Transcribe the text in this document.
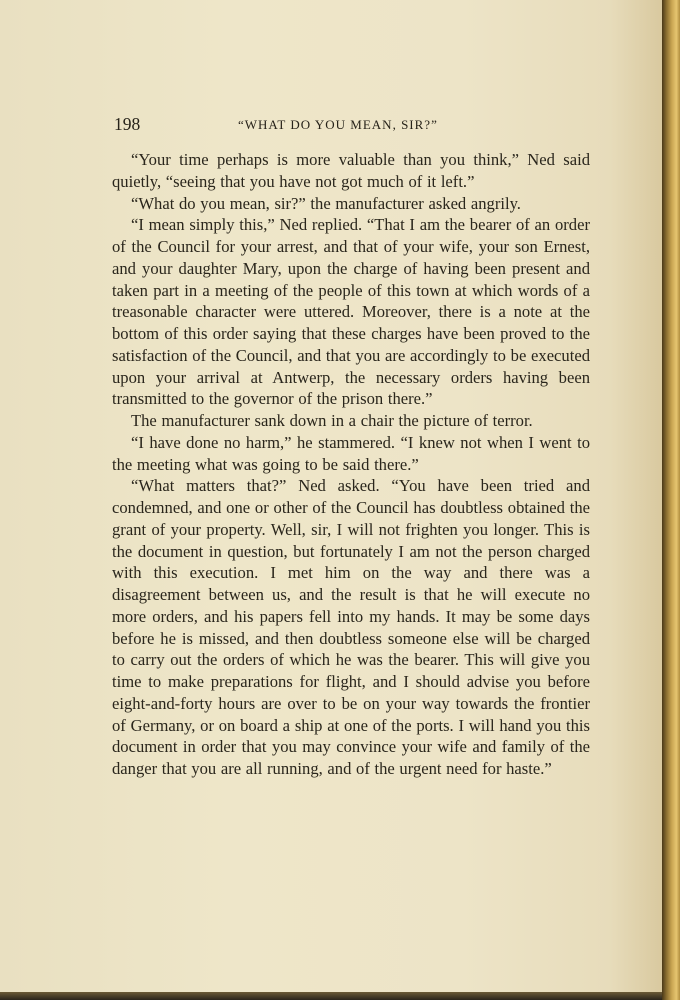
198	“WHAT DO YOU MEAN, SIR?”

“Your time perhaps is more valuable than you think,” Ned said quietly, “seeing that you have not got much of it left.”

“What do you mean, sir?” the manufacturer asked angrily.

“I mean simply this,” Ned replied. “That I am the bearer of an order of the Council for your arrest, and that of your wife, your son Ernest, and your daughter Mary, upon the charge of having been present and taken part in a meeting of the people of this town at which words of a treasonable character were uttered. Moreover, there is a note at the bottom of this order saying that these charges have been proved to the satisfaction of the Council, and that you are accordingly to be executed upon your arrival at Antwerp, the necessary orders having been transmitted to the governor of the prison there.”

The manufacturer sank down in a chair the picture of terror.

“I have done no harm,” he stammered. “I knew not when I went to the meeting what was going to be said there.”

“What matters that?” Ned asked. “You have been tried and condemned, and one or other of the Council has doubtless obtained the grant of your property. Well, sir, I will not frighten you longer. This is the document in question, but fortunately I am not the person charged with this execution. I met him on the way and there was a disagreement between us, and the result is that he will execute no more orders, and his papers fell into my hands. It may be some days before he is missed, and then doubtless someone else will be charged to carry out the orders of which he was the bearer. This will give you time to make preparations for flight, and I should advise you before eight-and-forty hours are over to be on your way towards the frontier of Germany, or on board a ship at one of the ports. I will hand you this document in order that you may convince your wife and family of the danger that you are all running, and of the urgent need for haste.”
